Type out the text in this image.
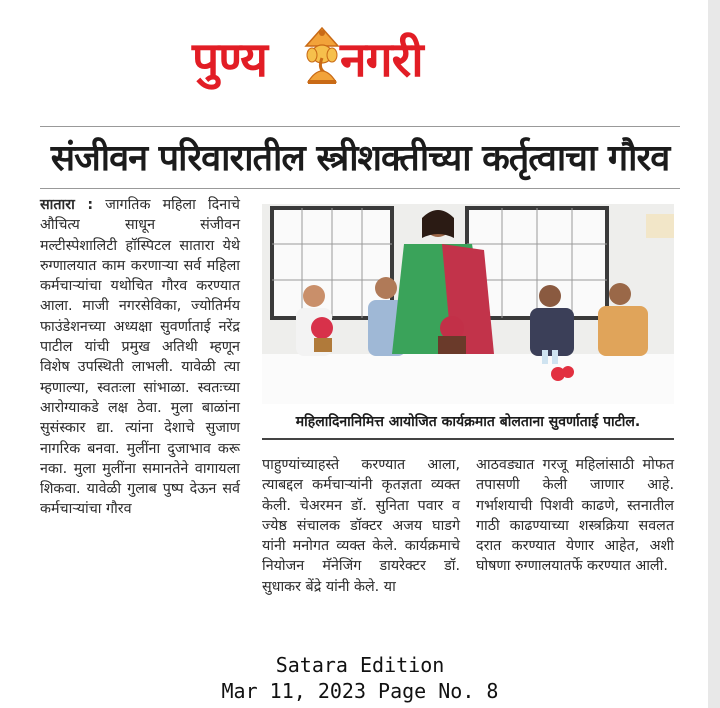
पुण्य नगरी
संजीवन परिवारातील स्त्रीशक्तीच्या कर्तृत्वाचा गौरव

सातारा : जागतिक महिला दिनाचे औचित्य साधून संजीवन मल्टीस्पेशालिटी हॉस्पिटल सातारा येथे रुग्णालयात काम करणाऱ्या सर्व महिला कर्मचाऱ्यांचा यथोचित गौरव करण्यात आला. माजी नगरसेविका, ज्योतिर्मय फाउंडेशनच्या अध्यक्षा सुवर्णाताई नरेंद्र पाटील यांची प्रमुख अतिथी म्हणून विशेष उपस्थिती लाभली. यावेळी त्या म्हणाल्या, स्वतःला सांभाळा. स्वतःच्या आरोग्याकडे लक्ष ठेवा. मुला बाळांना सुसंस्कार द्या. त्यांना देशाचे सुजाण नागरिक बनवा. मुलींना दुजाभाव करू नका. मुला मुलींना समानतेने वागायला शिकवा. यावेळी गुलाब पुष्प देऊन सर्व कर्मचाऱ्यांचा गौरव

महिलादिनानिमित्त आयोजित कार्यक्रमात बोलताना सुवर्णाताई पाटील.

पाहुण्यांच्याहस्ते करण्यात आला, त्याबद्दल कर्मचाऱ्यांनी कृतज्ञता व्यक्त केली. चेअरमन डॉ. सुनिता पवार व ज्येष्ठ संचालक डॉक्टर अजय घाडगे यांनी मनोगत व्यक्त केले. कार्यक्रमाचे नियोजन मॅनेजिंग डायरेक्टर डॉ. सुधाकर बेंद्रे यांनी केले. या

आठवड्यात गरजू महिलांसाठी मोफत तपासणी केली जाणार आहे. गर्भाशयाची पिशवी काढणे, स्तनातील गाठी काढण्याच्या शस्त्रक्रिया सवलत दरात करण्यात येणार आहेत, अशी घोषणा रुग्णालयातर्फे करण्यात आली.

Satara Edition
Mar 11, 2023 Page No. 8
